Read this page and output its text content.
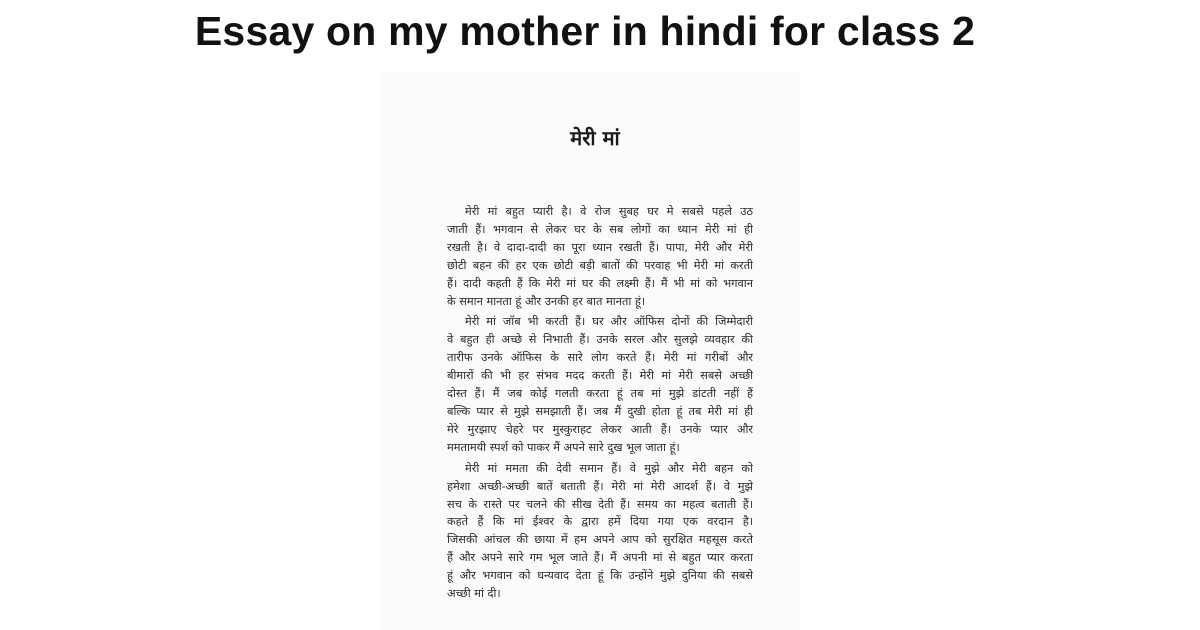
Essay on my mother in hindi for class 2
मेरी मां
मेरी मां बहुत प्यारी है। वे रोज सुबह घर मे सबसे पहले उठ
जाती हैं। भगवान से लेकर घर के सब लोगों का ध्यान मेरी मां ही
रखती है। वे दादा-दादी का पूरा ध्यान रखती हैं। पापा, मेरी और मेरी
छोटी बहन की हर एक छोटी बड़ी बातों की परवाह भी मेरी मां करती
हैं। दादी कहती हैं कि मेरी मां घर की लक्ष्मी हैं। मैं भी मां को भगवान
के समान मानता हूं और उनकी हर बात मानता हूं।
मेरी मां जॉब भी करती हैं। घर और ऑफिस दोनों की जिम्मेदारी
वे बहुत ही अच्छे से निभाती हैं। उनके सरल और सुलझे व्यवहार की
तारीफ उनके ऑफिस के सारे लोग करते हैं। मेरी मां गरीबों और
बीमारों की भी हर संभव मदद करती हैं। मेरी मां मेरी सबसे अच्छी
दोस्त हैं। मैं जब कोई गलती करता हूं तब मां मुझे डांटती नहीं हैं
बल्कि प्यार से मुझे समझाती हैं। जब मैं दुखी होता हूं तब मेरी मां ही
मेरे मुरझाए चेहरे पर मुस्कुराहट लेकर आती हैं। उनके प्यार और
ममतामयी स्पर्श को पाकर मैं अपने सारे दुख भूल जाता हूं।
मेरी मां ममता की देवी समान हैं। वे मुझे और मेरी बहन को
हमेशा अच्छी-अच्छी बातें बताती हैं। मेरी मां मेरी आदर्श हैं। वे मुझे
सच के रास्ते पर चलने की सीख देती हैं। समय का महत्व बताती हैं।
कहते हैं कि मां ईश्वर के द्वारा हमें दिया गया एक वरदान है।
जिसकी आंचल की छाया में हम अपने आप को सुरक्षित महसूस करते
हैं और अपने सारे गम भूल जाते हैं। मैं अपनी मां से बहुत प्यार करता
हूं और भगवान को धन्यवाद देता हूं कि उन्होंने मुझे दुनिया की सबसे
अच्छी मां दी।
